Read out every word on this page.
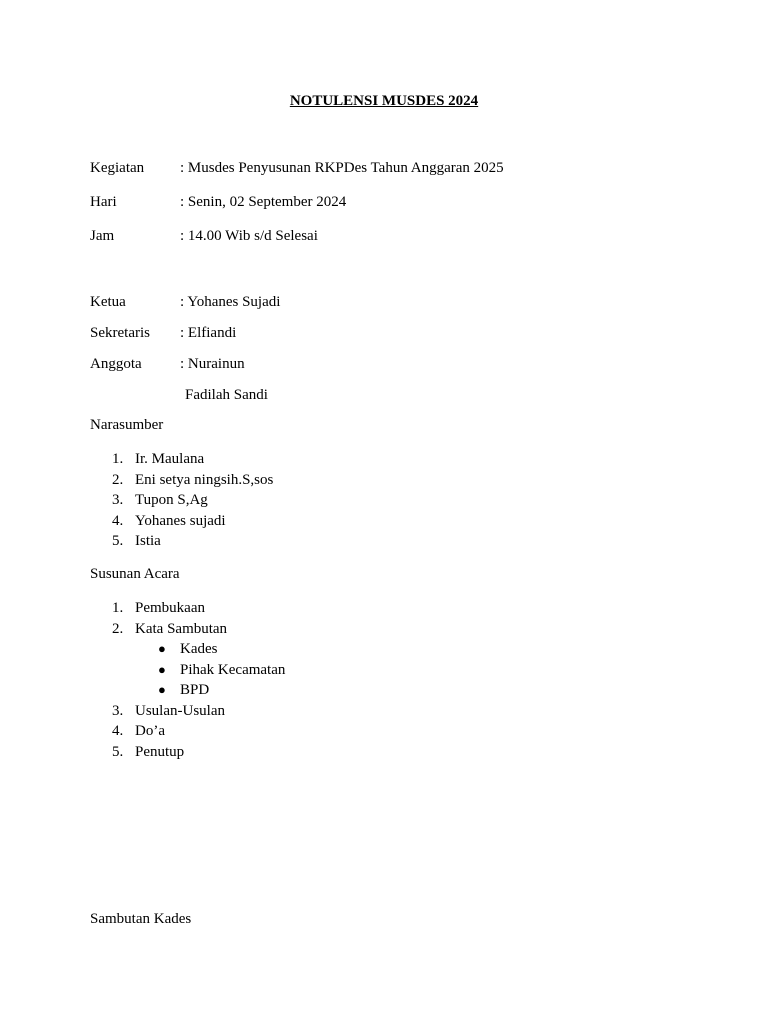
NOTULENSI MUSDES 2024
Kegiatan : Musdes Penyusunan RKPDes Tahun Anggaran 2025
Hari	: Senin, 02 September 2024
Jam	: 14.00 Wib s/d Selesai
Ketua	: Yohanes Sujadi
Sekretaris : Elfiandi
Anggota	: Nurainun
Fadilah Sandi
Narasumber
1. Ir. Maulana
2. Eni setya ningsih.S,sos
3. Tupon S,Ag
4. Yohanes sujadi
5. Istia
Susunan Acara
1. Pembukaan
2. Kata Sambutan
● Kades
● Pihak Kecamatan
● BPD
3. Usulan-Usulan
4. Do’a
5. Penutup
Sambutan Kades
